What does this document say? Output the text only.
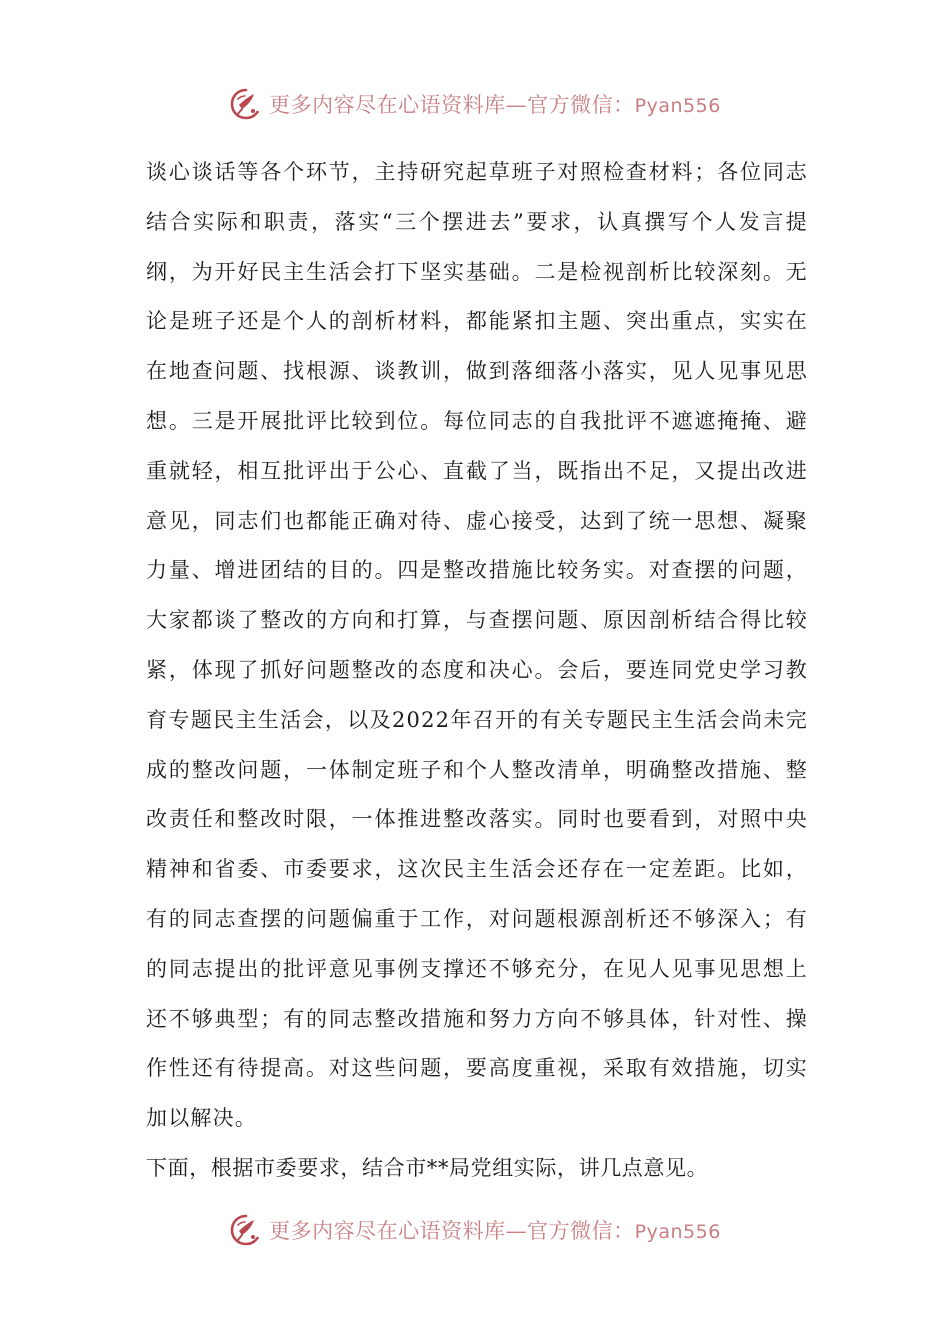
更多内容尽在心语资料库—官方微信：Pyan556

谈心谈话等各个环节，主持研究起草班子对照检查材料；各位同志结合实际和职责，落实“三个摆进去”要求，认真撰写个人发言提纲，为开好民主生活会打下坚实基础。二是检视剖析比较深刻。无论是班子还是个人的剖析材料，都能紧扣主题、突出重点，实实在在地查问题、找根源、谈教训，做到落细落小落实，见人见事见思想。三是开展批评比较到位。每位同志的自我批评不遮遮掩掩、避重就轻，相互批评出于公心、直截了当，既指出不足，又提出改进意见，同志们也都能正确对待、虚心接受，达到了统一思想、凝聚力量、增进团结的目的。四是整改措施比较务实。对查摆的问题，大家都谈了整改的方向和打算，与查摆问题、原因剖析结合得比较紧，体现了抓好问题整改的态度和决心。会后，要连同党史学习教育专题民主生活会，以及2022年召开的有关专题民主生活会尚未完成的整改问题，一体制定班子和个人整改清单，明确整改措施、整改责任和整改时限，一体推进整改落实。同时也要看到，对照中央精神和省委、市委要求，这次民主生活会还存在一定差距。比如，有的同志查摆的问题偏重于工作，对问题根源剖析还不够深入；有的同志提出的批评意见事例支撑还不够充分，在见人见事见思想上还不够典型；有的同志整改措施和努力方向不够具体，针对性、操作性还有待提高。对这些问题，要高度重视，采取有效措施，切实加以解决。

下面，根据市委要求，结合市**局党组实际，讲几点意见。

更多内容尽在心语资料库—官方微信：Pyan556
